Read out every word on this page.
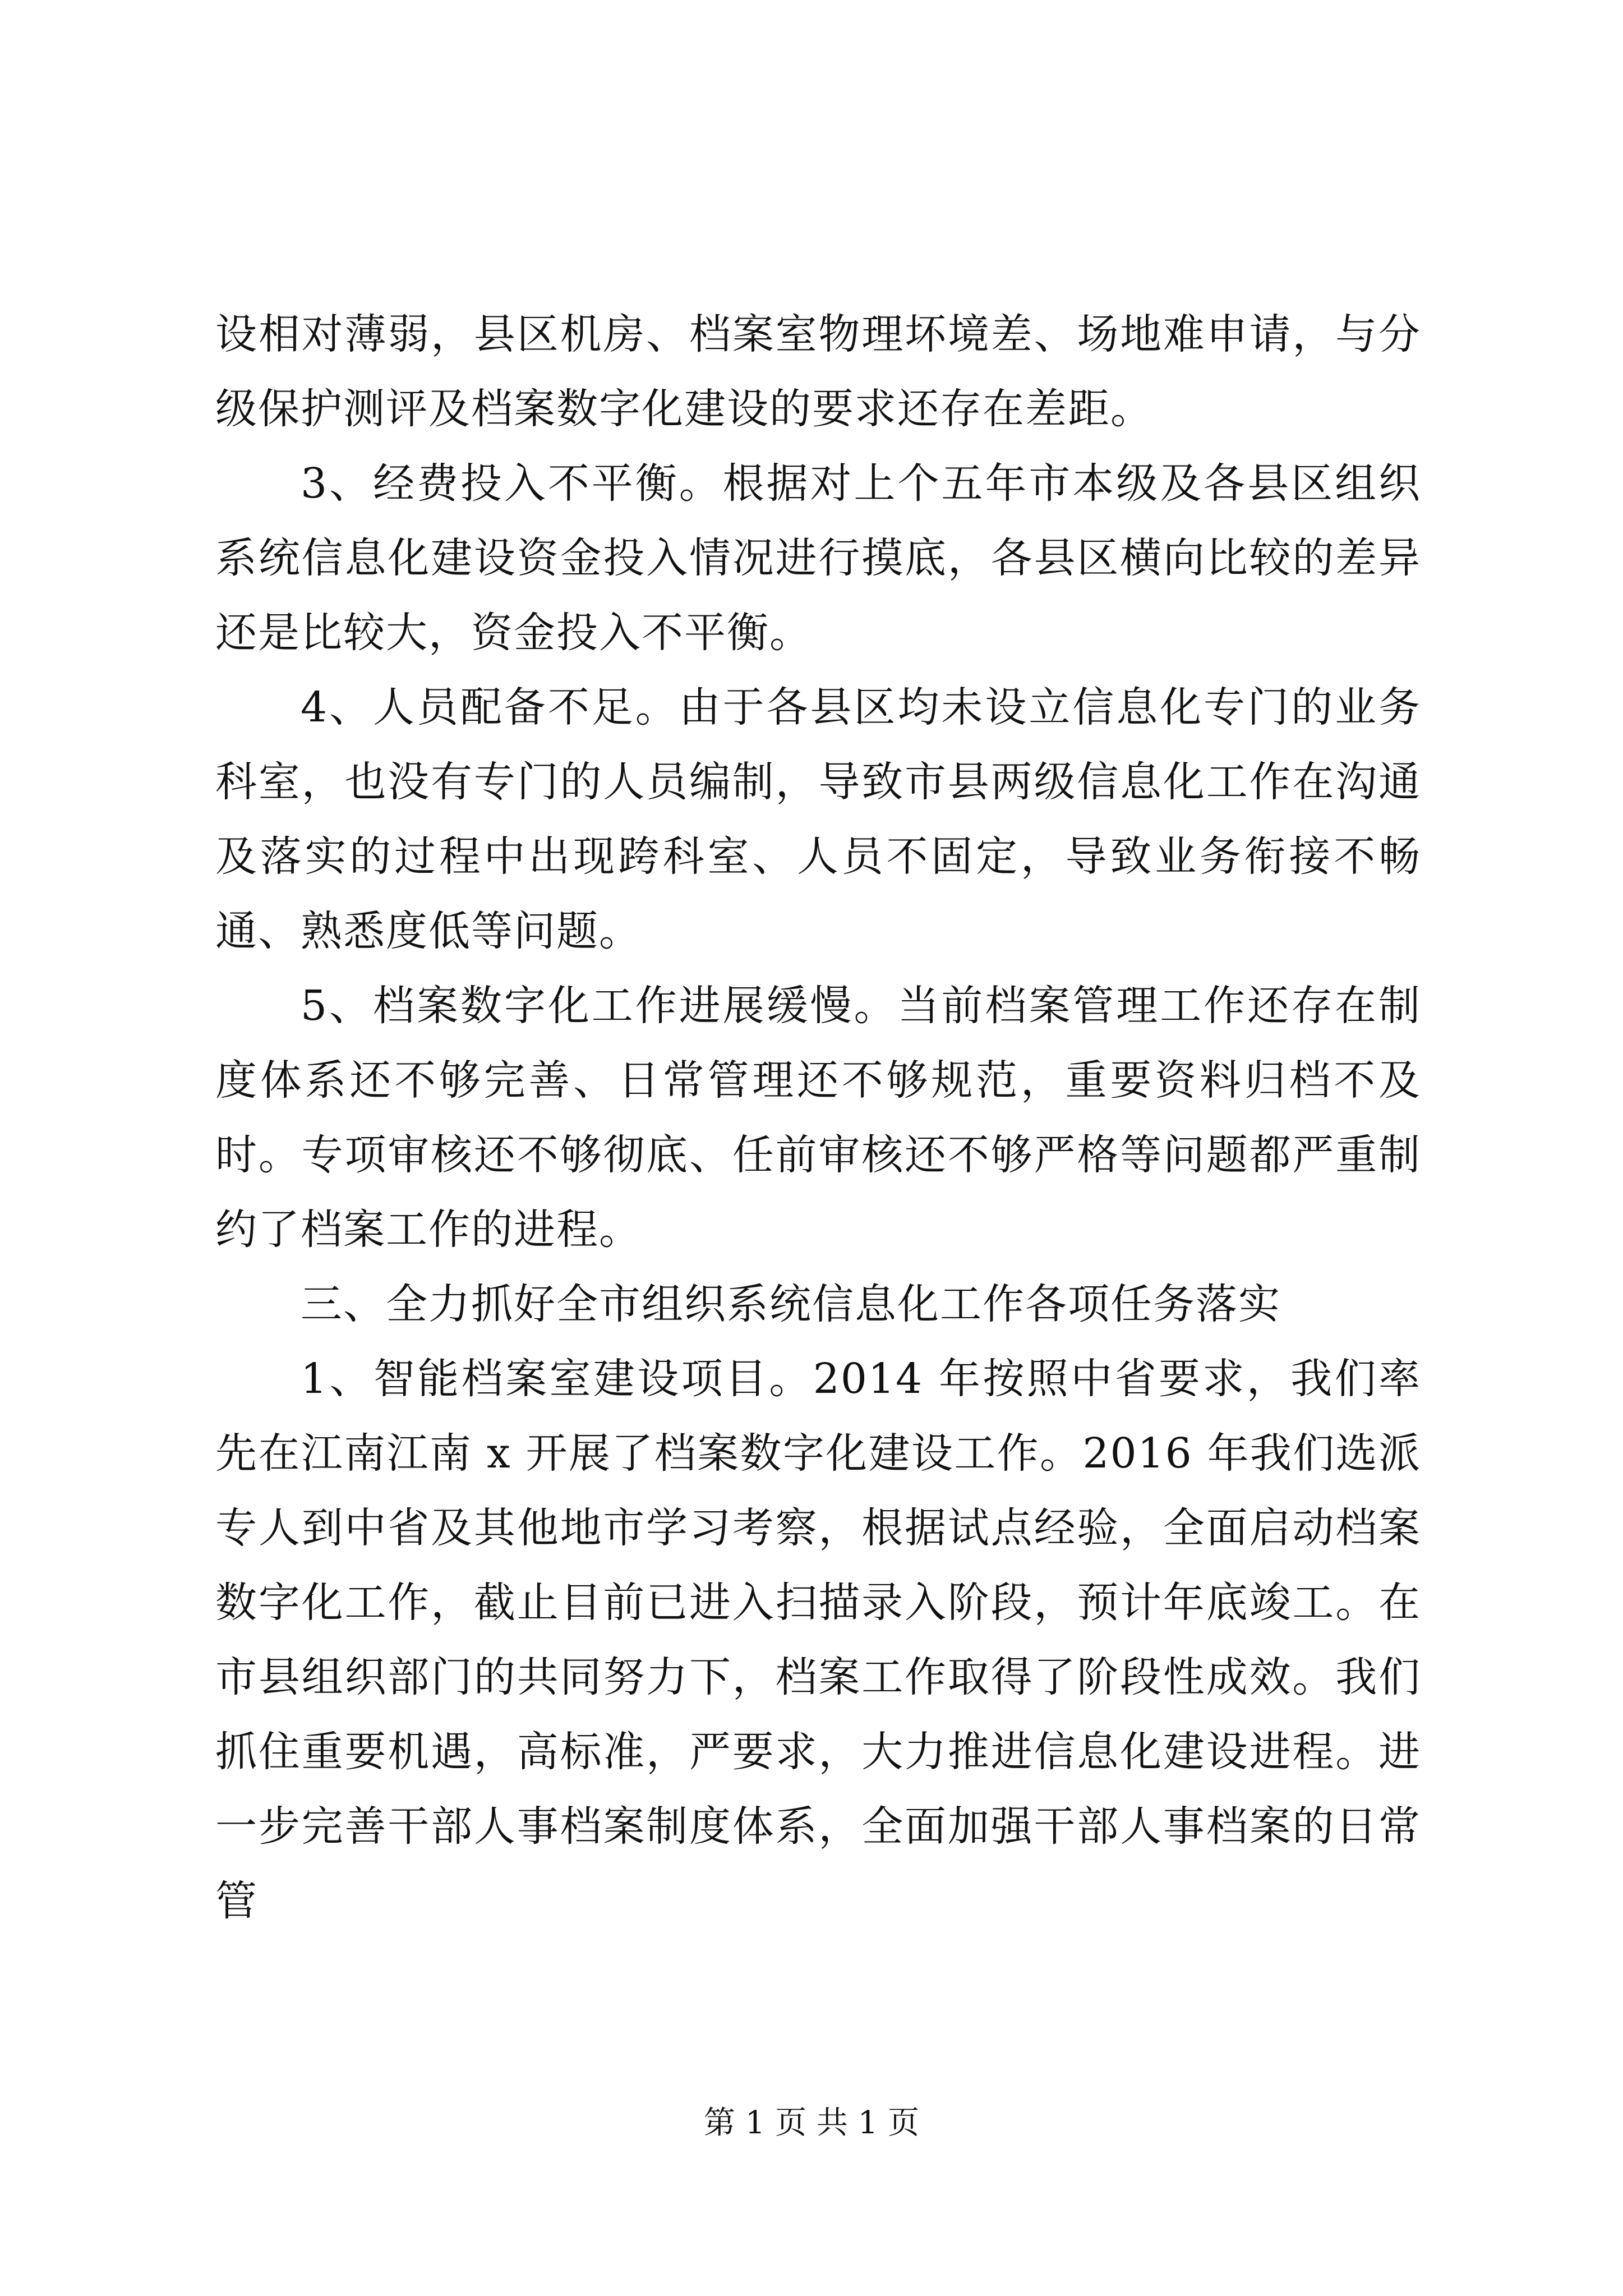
设相对薄弱，县区机房、档案室物理坏境差、场地难申请，与分级保护测评及档案数字化建设的要求还存在差距。

3、经费投入不平衡。根据对上个五年市本级及各县区组织系统信息化建设资金投入情况进行摸底，各县区横向比较的差异还是比较大，资金投入不平衡。

4、人员配备不足。由于各县区均未设立信息化专门的业务科室，也没有专门的人员编制，导致市县两级信息化工作在沟通及落实的过程中出现跨科室、人员不固定，导致业务衔接不畅通、熟悉度低等问题。

5、档案数字化工作进展缓慢。当前档案管理工作还存在制度体系还不够完善、日常管理还不够规范，重要资料归档不及时。专项审核还不够彻底、任前审核还不够严格等问题都严重制约了档案工作的进程。

三、全力抓好全市组织系统信息化工作各项任务落实

1、智能档案室建设项目。2014 年按照中省要求，我们率先在江南江南 x 开展了档案数字化建设工作。2016 年我们选派专人到中省及其他地市学习考察，根据试点经验，全面启动档案数字化工作，截止目前已进入扫描录入阶段，预计年底竣工。在市县组织部门的共同努力下，档案工作取得了阶段性成效。我们抓住重要机遇，高标准，严要求，大力推进信息化建设进程。进一步完善干部人事档案制度体系，全面加强干部人事档案的日常管

第 1 页 共 1 页
